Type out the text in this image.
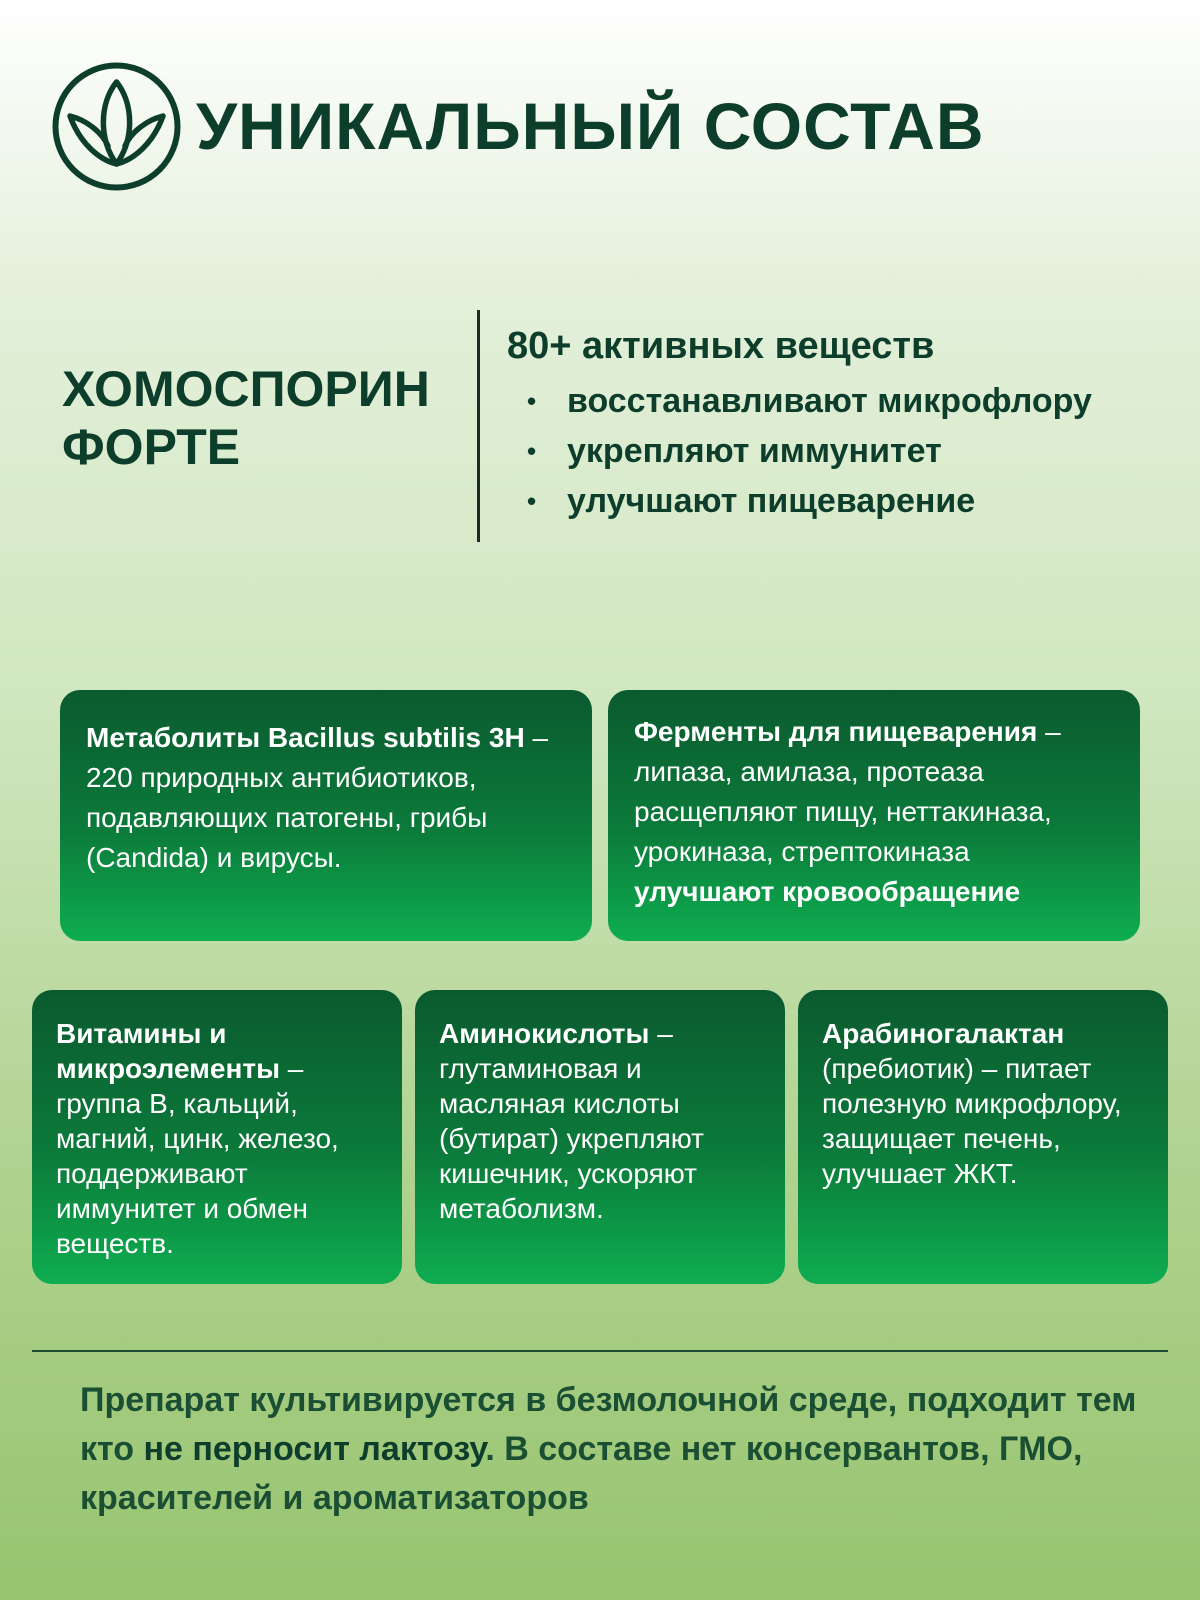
УНИКАЛЬНЫЙ СОСТАВ
ХОМОСПОРИН
ФОРТЕ
80+ активных веществ
• восстанавливают микрофлору
• укрепляют иммунитет
• улучшают пищеварение
Метаболиты Bacillus subtilis 3H – 220 природных антибиотиков, подавляющих патогены, грибы (Candida) и вирусы.
Ферменты для пищеварения – липаза, амилаза, протеаза расщепляют пищу, неттакиназа, урокиназа, стрептокиназа улучшают кровообращение
Витамины и микроэлементы – группа B, кальций, магний, цинк, железо, поддерживают иммунитет и обмен веществ.
Аминокислоты – глутаминовая и масляная кислоты (бутират) укрепляют кишечник, ускоряют метаболизм.
Арабиногалактан (пребиотик) – питает полезную микрофлору, защищает печень, улучшает ЖКТ.

Препарат культивируется в безмолочной среде, подходит тем кто не перносит лактозу. В составе нет консервантов, ГМО, красителей и ароматизаторов
